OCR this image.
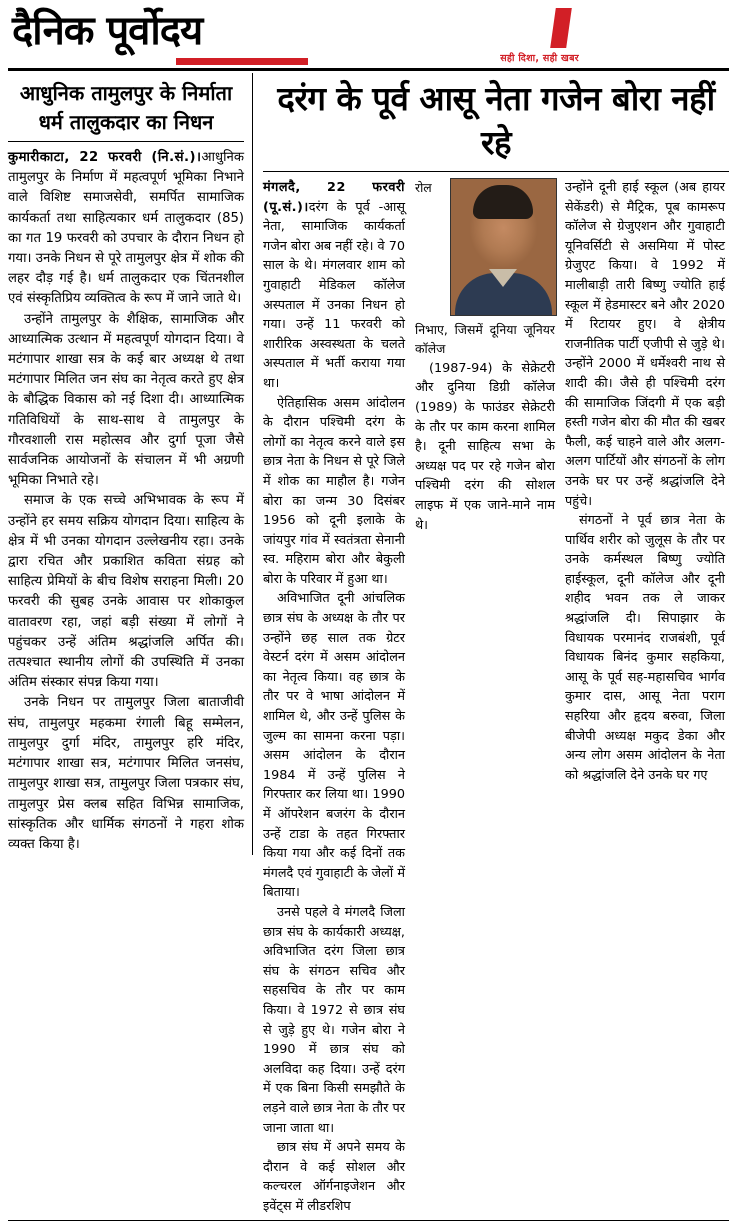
दैनिक पूर्वोदय
सही दिशा, सही खबर
आधुनिक तामुलपुर के निर्माता धर्म तालुकदार का निधन

कुमारीकाटा, 22 फरवरी (नि.सं.)।आधुनिक तामुलपुर के निर्माण में महत्वपूर्ण भूमिका निभाने वाले विशिष्ट समाजसेवी, समर्पित सामाजिक कार्यकर्ता तथा साहित्यकार धर्म तालुकदार (85) का गत 19 फरवरी को उपचार के दौरान निधन हो गया। उनके निधन से पूरे तामुलपुर क्षेत्र में शोक की लहर दौड़ गई है। धर्म तालुकदार एक चिंतनशील एवं संस्कृतिप्रिय व्यक्तित्व के रूप में जाने जाते थे।

उन्होंने तामुलपुर के शैक्षिक, सामाजिक और आध्यात्मिक उत्थान में महत्वपूर्ण योगदान दिया। वे मटंगापार शाखा सत्र के कई बार अध्यक्ष थे तथा मटंगापार मिलित जन संघ का नेतृत्व करते हुए क्षेत्र के बौद्धिक विकास को नई दिशा दी। आध्यात्मिक गतिविधियों के साथ-साथ वे तामुलपुर के गौरवशाली रास महोत्सव और दुर्गा पूजा जैसे सार्वजनिक आयोजनों के संचालन में भी अग्रणी भूमिका निभाते रहे।

समाज के एक सच्चे अभिभावक के रूप में उन्होंने हर समय सक्रिय योगदान दिया। साहित्य के क्षेत्र में भी उनका योगदान उल्लेखनीय रहा। उनके द्वारा रचित और प्रकाशित कविता संग्रह को साहित्य प्रेमियों के बीच विशेष सराहना मिली। 20 फरवरी की सुबह उनके आवास पर शोकाकुल वातावरण रहा, जहां बड़ी संख्या में लोगों ने पहुंचकर उन्हें अंतिम श्रद्धांजलि अर्पित की। तत्पश्चात स्थानीय लोगों की उपस्थिति में उनका अंतिम संस्कार संपन्न किया गया।

उनके निधन पर तामुलपुर जिला बाताजीवी संघ, तामुलपुर महकमा रंगाली बिहू सम्मेलन, तामुलपुर दुर्गा मंदिर, तामुलपुर हरि मंदिर, मटंगापार शाखा सत्र, मटंगापार मिलित जनसंघ, तामुलपुर शाखा सत्र, तामुलपुर जिला पत्रकार संघ, तामुलपुर प्रेस क्लब सहित विभिन्न सामाजिक, सांस्कृतिक और धार्मिक संगठनों ने गहरा शोक व्यक्त किया है।

दरंग के पूर्व आसू नेता गजेन बोरा नहीं रहे

मंगलदै, 22 फरवरी (पू.सं.)।दरंग के पूर्व -आसू नेता, सामाजिक कार्यकर्ता गजेन बोरा अब नहीं रहे। वे 70 साल के थे। मंगलवार शाम को गुवाहाटी मेडिकल कॉलेज अस्पताल में उनका निधन हो गया। उन्हें 11 फरवरी को शारीरिक अस्वस्थता के चलते अस्पताल में भर्ती कराया गया था।

ऐतिहासिक असम आंदोलन के दौरान पश्चिमी दरंग के लोगों का नेतृत्व करने वाले इस छात्र नेता के निधन से पूरे जिले में शोक का माहौल है। गजेन बोरा का जन्म 30 दिसंबर 1956 को दूनी इलाके के जांयपुर गांव में स्वतंत्रता सेनानी स्व. महिराम बोरा और बेकुली बोरा के परिवार में हुआ था।

अविभाजित दूनी आंचलिक छात्र संघ के अध्यक्ष के तौर पर उन्होंने छह साल तक ग्रेटर वेस्टर्न दरंग में असम आंदोलन का नेतृत्व किया। वह छात्र के तौर पर वे भाषा आंदोलन में शामिल थे, और उन्हें पुलिस के जुल्म का सामना करना पड़ा। असम आंदोलन के दौरान 1984 में उन्हें पुलिस ने गिरफ्तार कर लिया था। 1990 में ऑपरेशन बजरंग के दौरान उन्हें टाडा के तहत गिरफ्तार किया गया और कई दिनों तक मंगलदै एवं गुवाहाटी के जेलों में बिताया।

उनसे पहले वे मंगलदै जिला छात्र संघ के कार्यकारी अध्यक्ष, अविभाजित दरंग जिला छात्र संघ के संगठन सचिव और सहसचिव के तौर पर काम किया। वे 1972 से छात्र संघ से जुड़े हुए थे। गजेन बोरा ने 1990 में छात्र संघ को अलविदा कह दिया। उन्हें दरंग में एक बिना किसी समझौते के लड़ने वाले छात्र नेता के तौर पर जाना जाता था।

छात्र संघ में अपने समय के दौरान वे कई सोशल और कल्चरल ऑर्गनाइजेशन और इवेंट्स में लीडरशिप

रोल निभाए, जिसमें दूनिया जूनियर कॉलेज

(1987-94) के सेक्रेटरी और दुनिया डिग्री कॉलेज (1989) के फाउंडर सेक्रेटरी के तौर पर काम करना शामिल है। दूनी साहित्य सभा के अध्यक्ष पद पर रहे गजेन बोरा पश्चिमी दरंग की सोशल लाइफ में एक जाने-माने नाम थे।

उन्होंने दूनी हाई स्कूल (अब हायर सेकेंडरी) से मैट्रिक, पूब कामरूप कॉलेज से ग्रेजुएशन और गुवाहाटी यूनिवर्सिटी से असमिया में पोस्ट ग्रेजुएट किया। वे 1992 में मालीबाड़ी तारी बिष्णु ज्योति हाई स्कूल में हेडमास्टर बने और 2020 में रिटायर हुए। वे क्षेत्रीय राजनीतिक पार्टी एजीपी से जुड़े थे। उन्होंने 2000 में धर्मेश्वरी नाथ से शादी की। जैसे ही पश्चिमी दरंग की सामाजिक जिंदगी में एक बड़ी हस्ती गजेन बोरा की मौत की खबर फैली, कई चाहने वाले और अलग-अलग पार्टियों और संगठनों के लोग उनके घर पर उन्हें श्रद्धांजलि देने पहुंचे।

संगठनों ने पूर्व छात्र नेता के पार्थिव शरीर को जुलूस के तौर पर उनके कर्मस्थल बिष्णु ज्योति हाईस्कूल, दूनी कॉलेज और दूनी शहीद भवन तक ले जाकर श्रद्धांजलि दी। सिपाझार के विधायक परमानंद राजबंशी, पूर्व विधायक बिनंद कुमार सहकिया, आसू के पूर्व सह-महासचिव भार्गव कुमार दास, आसू नेता पराग सहरिया और हृदय बरुवा, जिला बीजेपी अध्यक्ष मकुद डेका और अन्य लोग असम आंदोलन के नेता को श्रद्धांजलि देने उनके घर गए
